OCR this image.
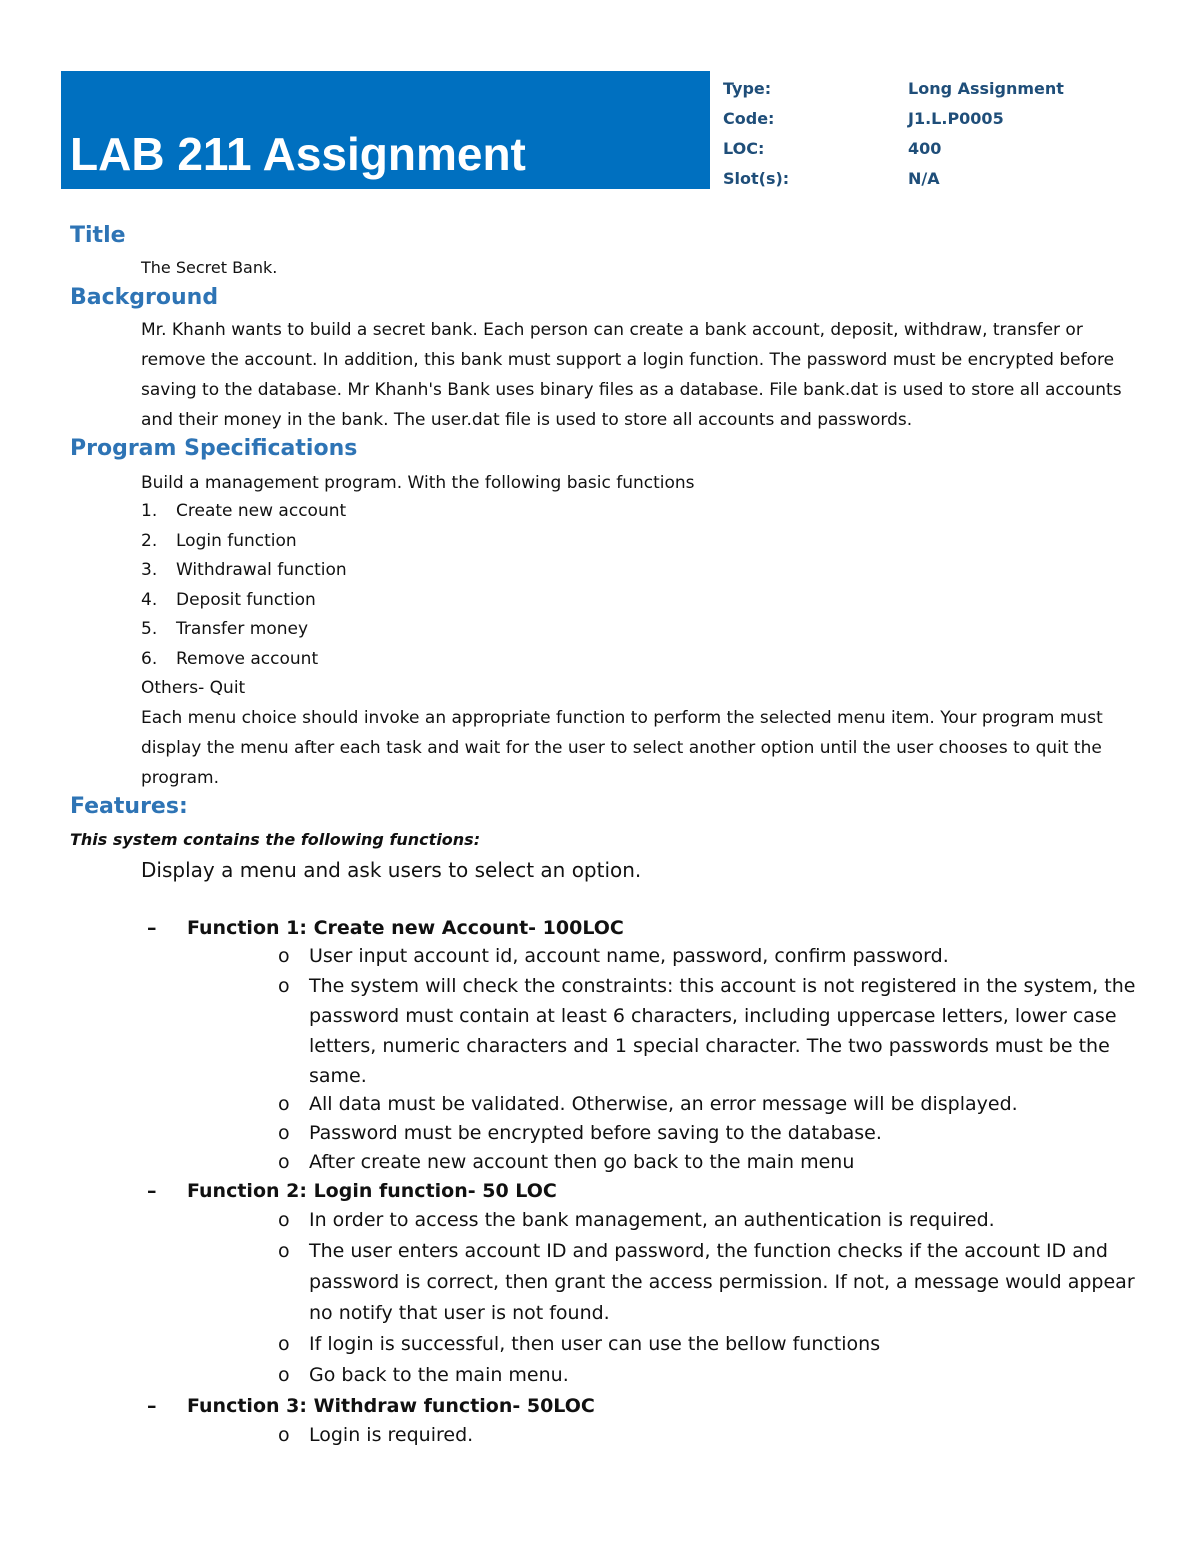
LAB 211 Assignment
Type:	Long Assignment
Code:	J1.L.P0005
LOC:	400
Slot(s):	N/A
Title
The Secret Bank.
Background
Mr. Khanh wants to build a secret bank. Each person can create a bank account, deposit, withdraw, transfer or remove the account. In addition, this bank must support a login function. The password must be encrypted before saving to the database. Mr Khanh's Bank uses binary files as a database. File bank.dat is used to store all accounts and their money in the bank. The user.dat file is used to store all accounts and passwords.
Program Specifications
Build a management program. With the following basic functions
1. Create new account
2. Login function
3. Withdrawal function
4. Deposit function
5. Transfer money
6. Remove account
Others- Quit
Each menu choice should invoke an appropriate function to perform the selected menu item. Your program must display the menu after each task and wait for the user to select another option until the user chooses to quit the program.
Features:
This system contains the following functions:
Display a menu and ask users to select an option.
– Function 1: Create new Account- 100LOC
o User input account id, account name, password, confirm password.
o The system will check the constraints: this account is not registered in the system, the password must contain at least 6 characters, including uppercase letters, lower case letters, numeric characters and 1 special character. The two passwords must be the same.
o All data must be validated. Otherwise, an error message will be displayed.
o Password must be encrypted before saving to the database.
o After create new account then go back to the main menu
– Function 2: Login function- 50 LOC
o In order to access the bank management, an authentication is required.
o The user enters account ID and password, the function checks if the account ID and password is correct, then grant the access permission. If not, a message would appear no notify that user is not found.
o If login is successful, then user can use the bellow functions
o Go back to the main menu.
– Function 3: Withdraw function- 50LOC
o Login is required.
